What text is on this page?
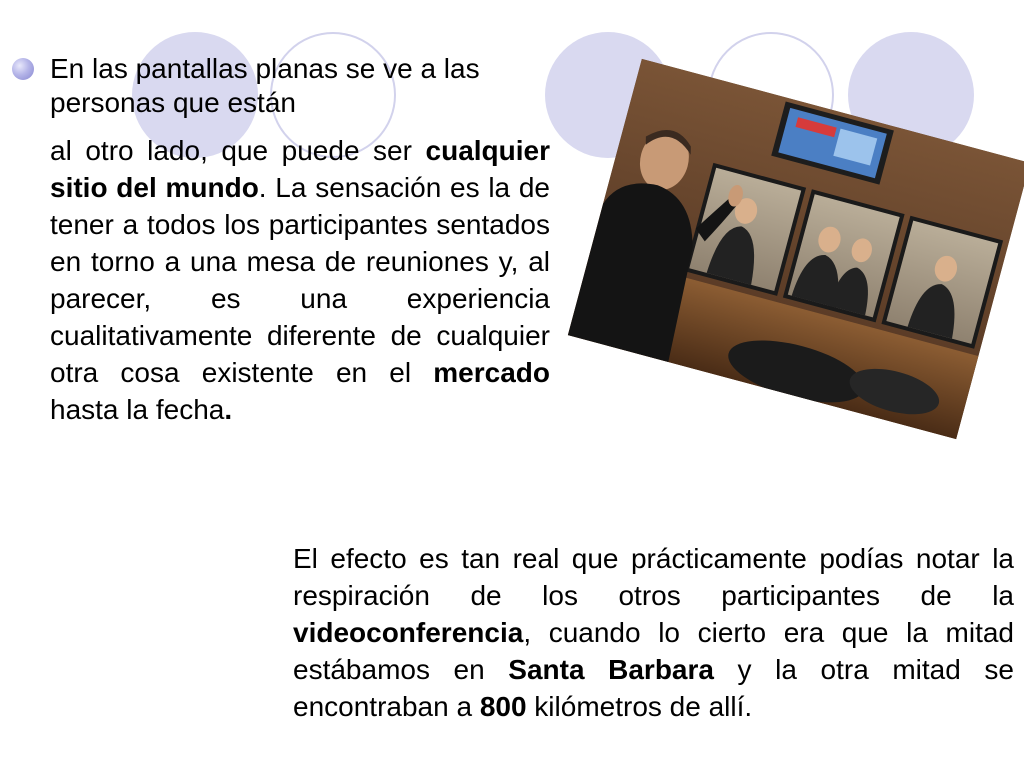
En las pantallas planas se ve a las personas que están

al otro lado, que puede ser cualquier sitio del mundo. La sensación es la de tener a todos los participantes sentados en torno a una mesa de reuniones y, al parecer, es una experiencia cualitativamente diferente de cualquier otra cosa existente en el mercado hasta la fecha.

El efecto es tan real que prácticamente podías notar la respiración de los otros participantes de la videoconferencia, cuando lo cierto era que la mitad estábamos en Santa Barbara y la otra mitad se encontraban a 800 kilómetros de allí.
